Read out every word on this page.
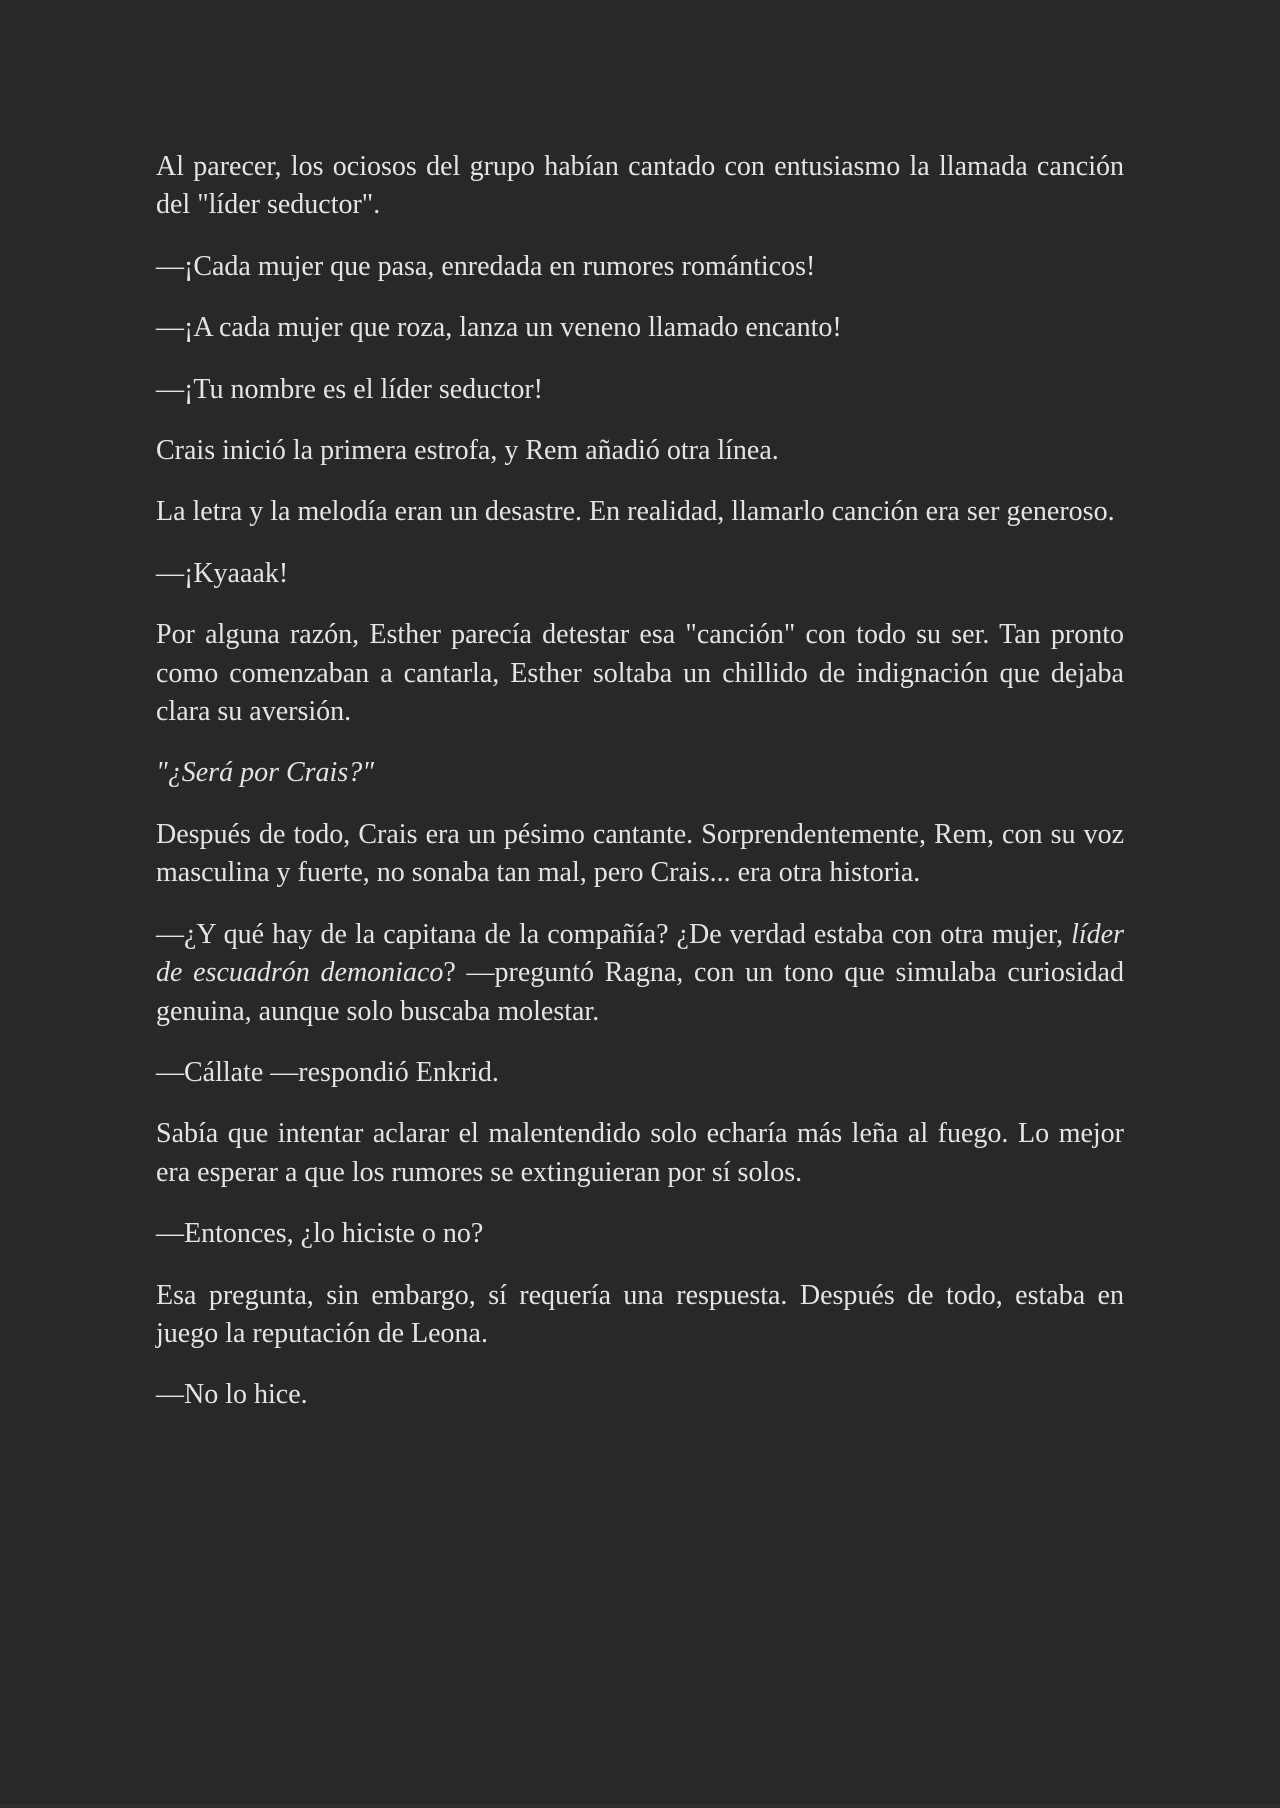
Al parecer, los ociosos del grupo habían cantado con entusiasmo la llamada canción del "líder seductor".

—¡Cada mujer que pasa, enredada en rumores románticos!

—¡A cada mujer que roza, lanza un veneno llamado encanto!

—¡Tu nombre es el líder seductor!

Crais inició la primera estrofa, y Rem añadió otra línea.

La letra y la melodía eran un desastre. En realidad, llamarlo canción era ser generoso.

—¡Kyaaak!

Por alguna razón, Esther parecía detestar esa "canción" con todo su ser. Tan pronto como comenzaban a cantarla, Esther soltaba un chillido de indignación que dejaba clara su aversión.

"¿Será por Crais?"

Después de todo, Crais era un pésimo cantante. Sorprendentemente, Rem, con su voz masculina y fuerte, no sonaba tan mal, pero Crais... era otra historia.

—¿Y qué hay de la capitana de la compañía? ¿De verdad estaba con otra mujer, líder de escuadrón demoniaco? —preguntó Ragna, con un tono que simulaba curiosidad genuina, aunque solo buscaba molestar.

—Cállate —respondió Enkrid.

Sabía que intentar aclarar el malentendido solo echaría más leña al fuego. Lo mejor era esperar a que los rumores se extinguieran por sí solos.

—Entonces, ¿lo hiciste o no?

Esa pregunta, sin embargo, sí requería una respuesta. Después de todo, estaba en juego la reputación de Leona.

—No lo hice.
